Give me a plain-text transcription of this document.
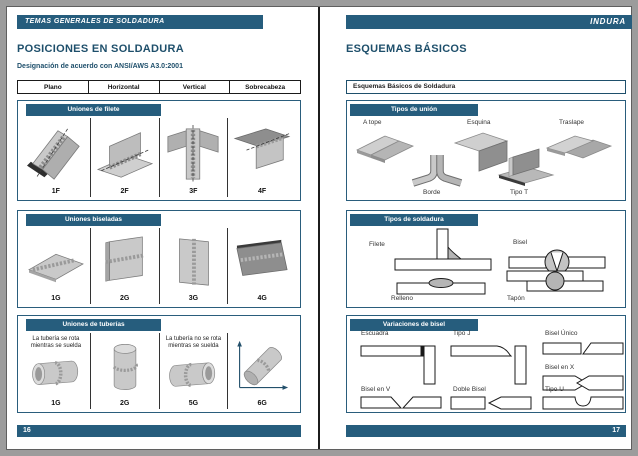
TEMAS GENERALES DE SOLDADURA
POSICIONES EN SOLDADURA
Designación de acuerdo con ANSI/AWS A3.0:2001
Plano	Horizontal	Vertical	Sobrecabeza
Uniones de filete
1F	2F	3F	4F
Uniones biseladas
1G	2G	3G	4G
Uniones de tuberías
La tubería se rota mientras se suelda
1G	2G
La tubería no se rota mientras se suelda
5G	6G
16
INDURA
ESQUEMAS BÁSICOS
Esquemas Básicos de Soldadura
Tipos de unión
A tope	Esquina	Traslape
Borde	Tipo T
Tipos de soldadura
Filete	Bisel
Relleno	Tapón
Variaciones de bisel
Escuadra	Tipo J	Bisel Único
Bisel en X
Bisel en V	Doble Bisel	Tipo U
17
